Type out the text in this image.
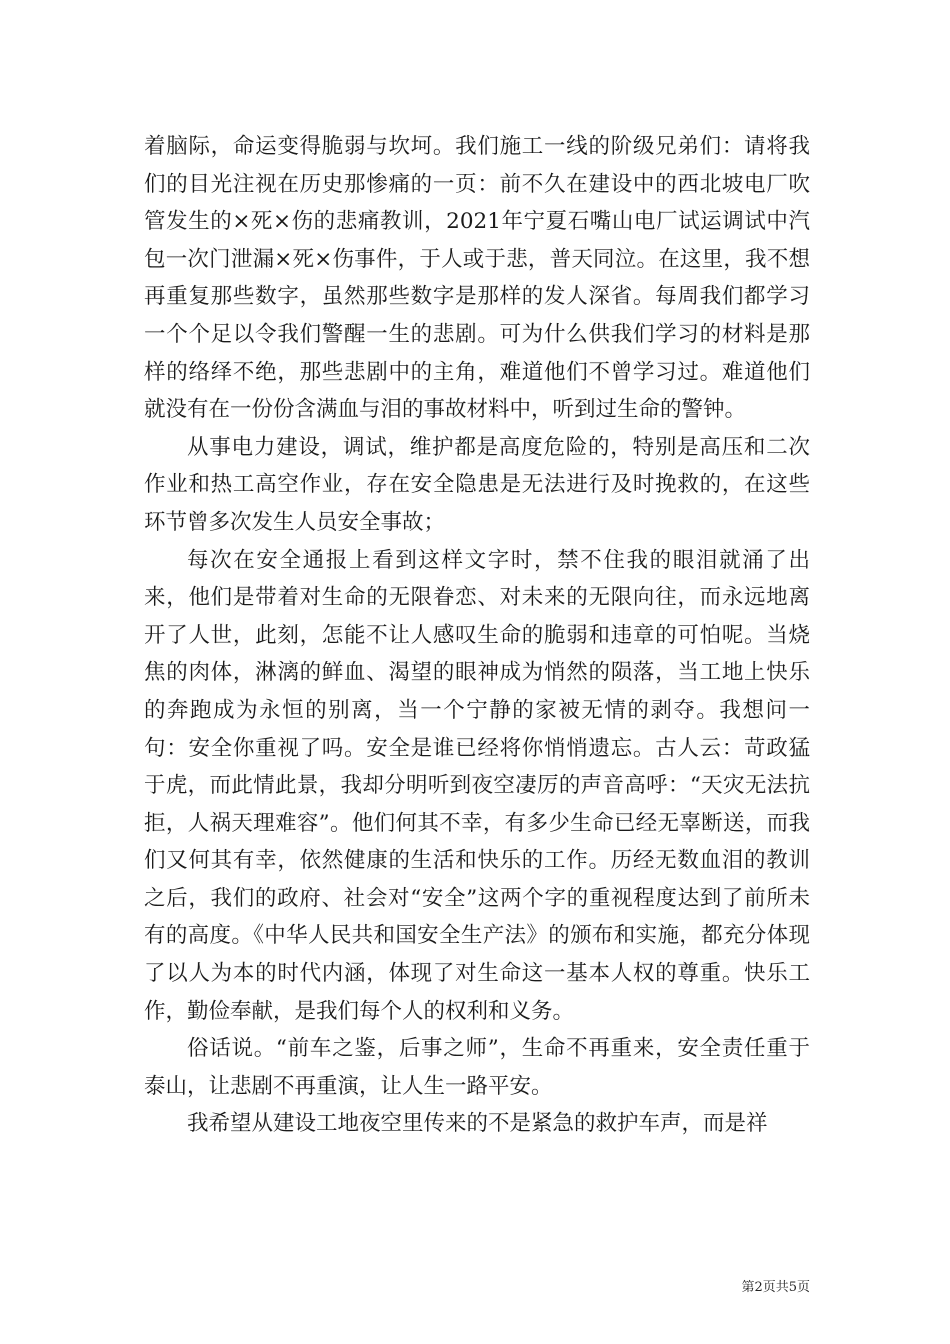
着脑际，命运变得脆弱与坎坷。我们施工一线的阶级兄弟们：请将我们的目光注视在历史那惨痛的一页：前不久在建设中的西北坡电厂吹管发生的×死×伤的悲痛教训，2021年宁夏石嘴山电厂试运调试中汽包一次门泄漏×死×伤事件，于人或于悲，普天同泣。在这里，我不想再重复那些数字，虽然那些数字是那样的发人深省。每周我们都学习一个个足以令我们警醒一生的悲剧。可为什么供我们学习的材料是那样的络绎不绝，那些悲剧中的主角，难道他们不曾学习过。难道他们就没有在一份份含满血与泪的事故材料中，听到过生命的警钟。

从事电力建设，调试，维护都是高度危险的，特别是高压和二次作业和热工高空作业，存在安全隐患是无法进行及时挽救的，在这些环节曾多次发生人员安全事故；

每次在安全通报上看到这样文字时，禁不住我的眼泪就涌了出来，他们是带着对生命的无限眷恋、对未来的无限向往，而永远地离开了人世，此刻，怎能不让人感叹生命的脆弱和违章的可怕呢。当烧焦的肉体，淋漓的鲜血、渴望的眼神成为悄然的陨落，当工地上快乐的奔跑成为永恒的别离，当一个宁静的家被无情的剥夺。我想问一句：安全你重视了吗。安全是谁已经将你悄悄遗忘。古人云：苛政猛于虎，而此情此景，我却分明听到夜空凄厉的声音高呼：“天灾无法抗拒，人祸天理难容”。他们何其不幸，有多少生命已经无辜断送，而我们又何其有幸，依然健康的生活和快乐的工作。历经无数血泪的教训之后，我们的政府、社会对“安全”这两个字的重视程度达到了前所未有的高度。《中华人民共和国安全生产法》的颁布和实施，都充分体现了以人为本的时代内涵，体现了对生命这一基本人权的尊重。快乐工作，勤俭奉献，是我们每个人的权利和义务。

俗话说。“前车之鉴，后事之师”，生命不再重来，安全责任重于泰山，让悲剧不再重演，让人生一路平安。

我希望从建设工地夜空里传来的不是紧急的救护车声，而是祥

第2页共5页
